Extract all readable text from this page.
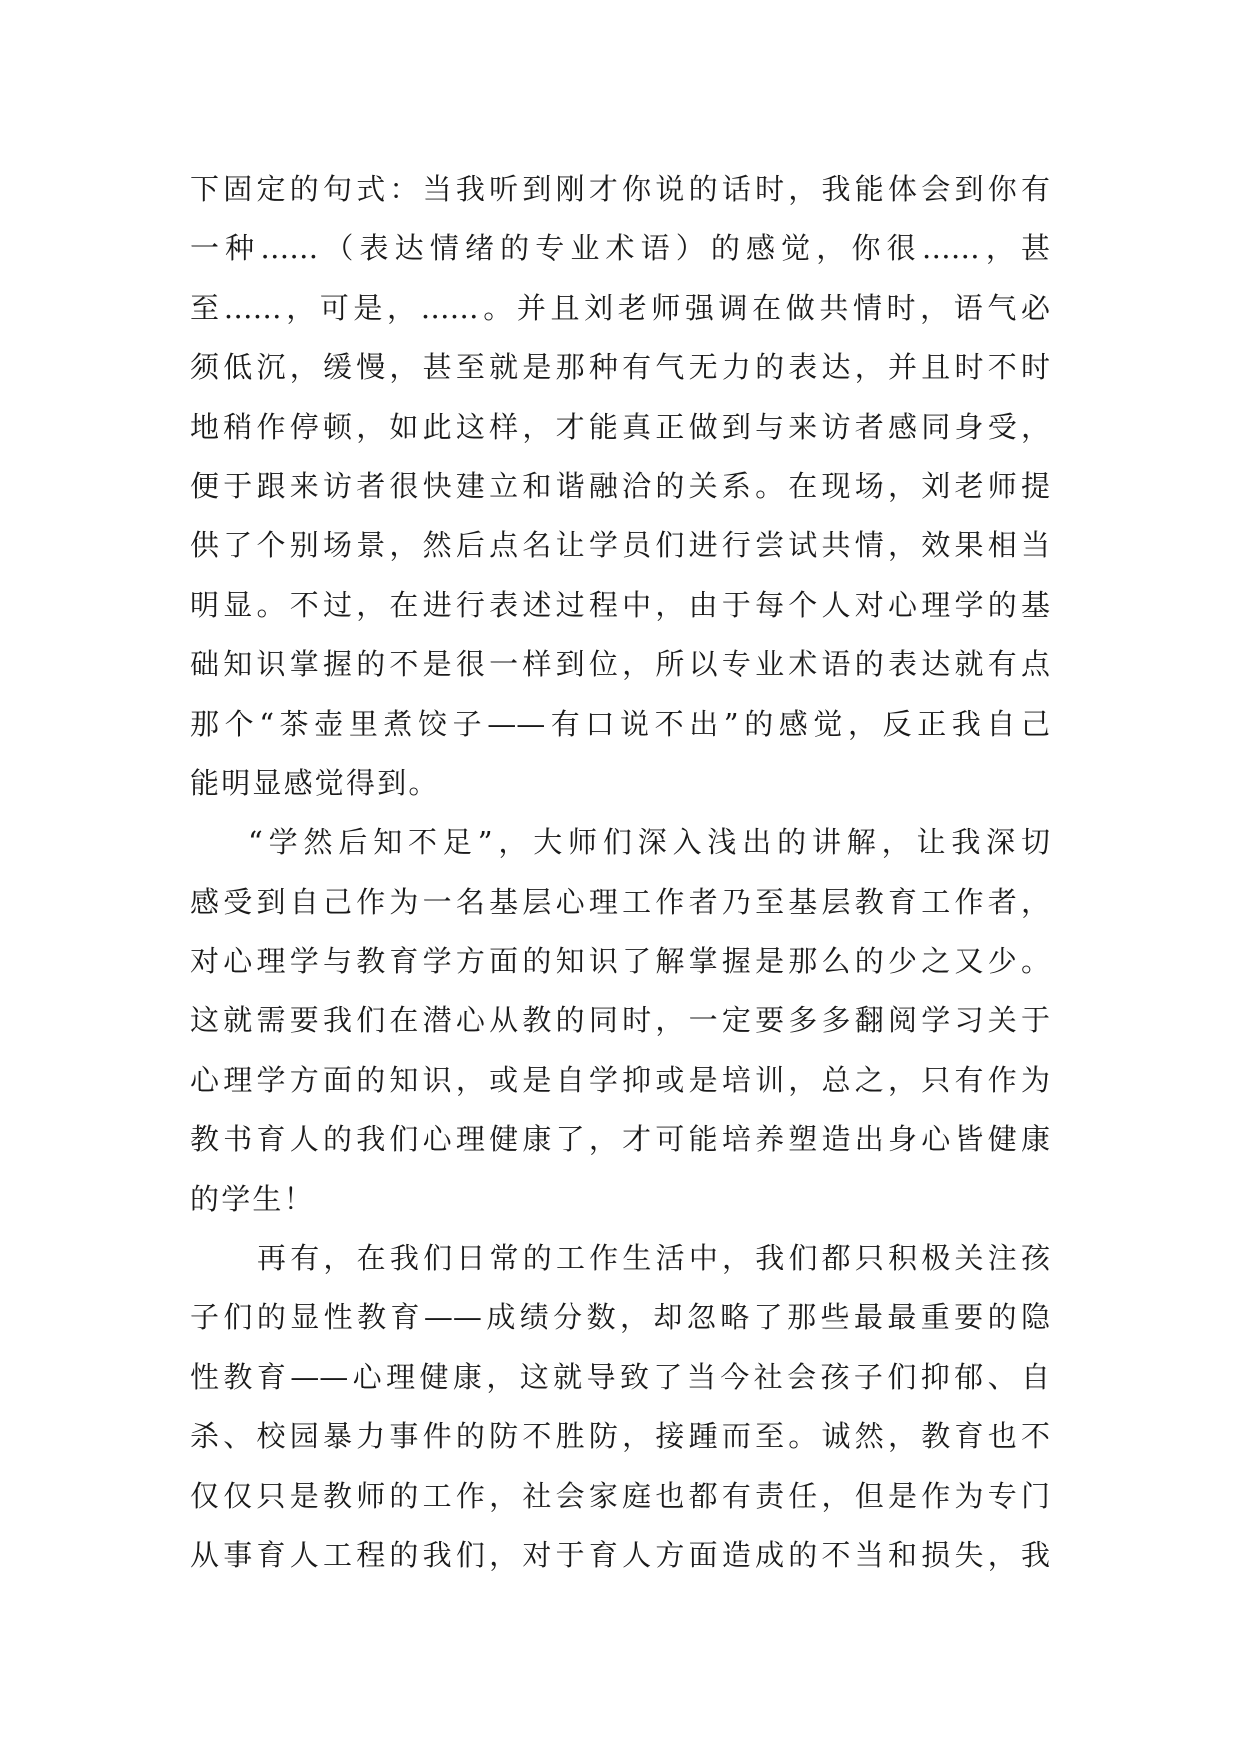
下固定的句式：当我听到刚才你说的话时，我能体会到你有
一种……（表达情绪的专业术语）的感觉，你很……，甚
至……，可是，……。并且刘老师强调在做共情时，语气必
须低沉，缓慢，甚至就是那种有气无力的表达，并且时不时
地稍作停顿，如此这样，才能真正做到与来访者感同身受，
便于跟来访者很快建立和谐融洽的关系。在现场，刘老师提
供了个别场景，然后点名让学员们进行尝试共情，效果相当
明显。不过，在进行表述过程中，由于每个人对心理学的基
础知识掌握的不是很一样到位，所以专业术语的表达就有点
那个“茶壶里煮饺子——有口说不出”的感觉，反正我自己
能明显感觉得到。
“学然后知不足”，大师们深入浅出的讲解，让我深切
感受到自己作为一名基层心理工作者乃至基层教育工作者，
对心理学与教育学方面的知识了解掌握是那么的少之又少。
这就需要我们在潜心从教的同时，一定要多多翻阅学习关于
心理学方面的知识，或是自学抑或是培训，总之，只有作为
教书育人的我们心理健康了，才可能培养塑造出身心皆健康
的学生！
再有，在我们日常的工作生活中，我们都只积极关注孩
子们的显性教育——成绩分数，却忽略了那些最最重要的隐
性教育——心理健康，这就导致了当今社会孩子们抑郁、自
杀、校园暴力事件的防不胜防，接踵而至。诚然，教育也不
仅仅只是教师的工作，社会家庭也都有责任，但是作为专门
从事育人工程的我们，对于育人方面造成的不当和损失，我
